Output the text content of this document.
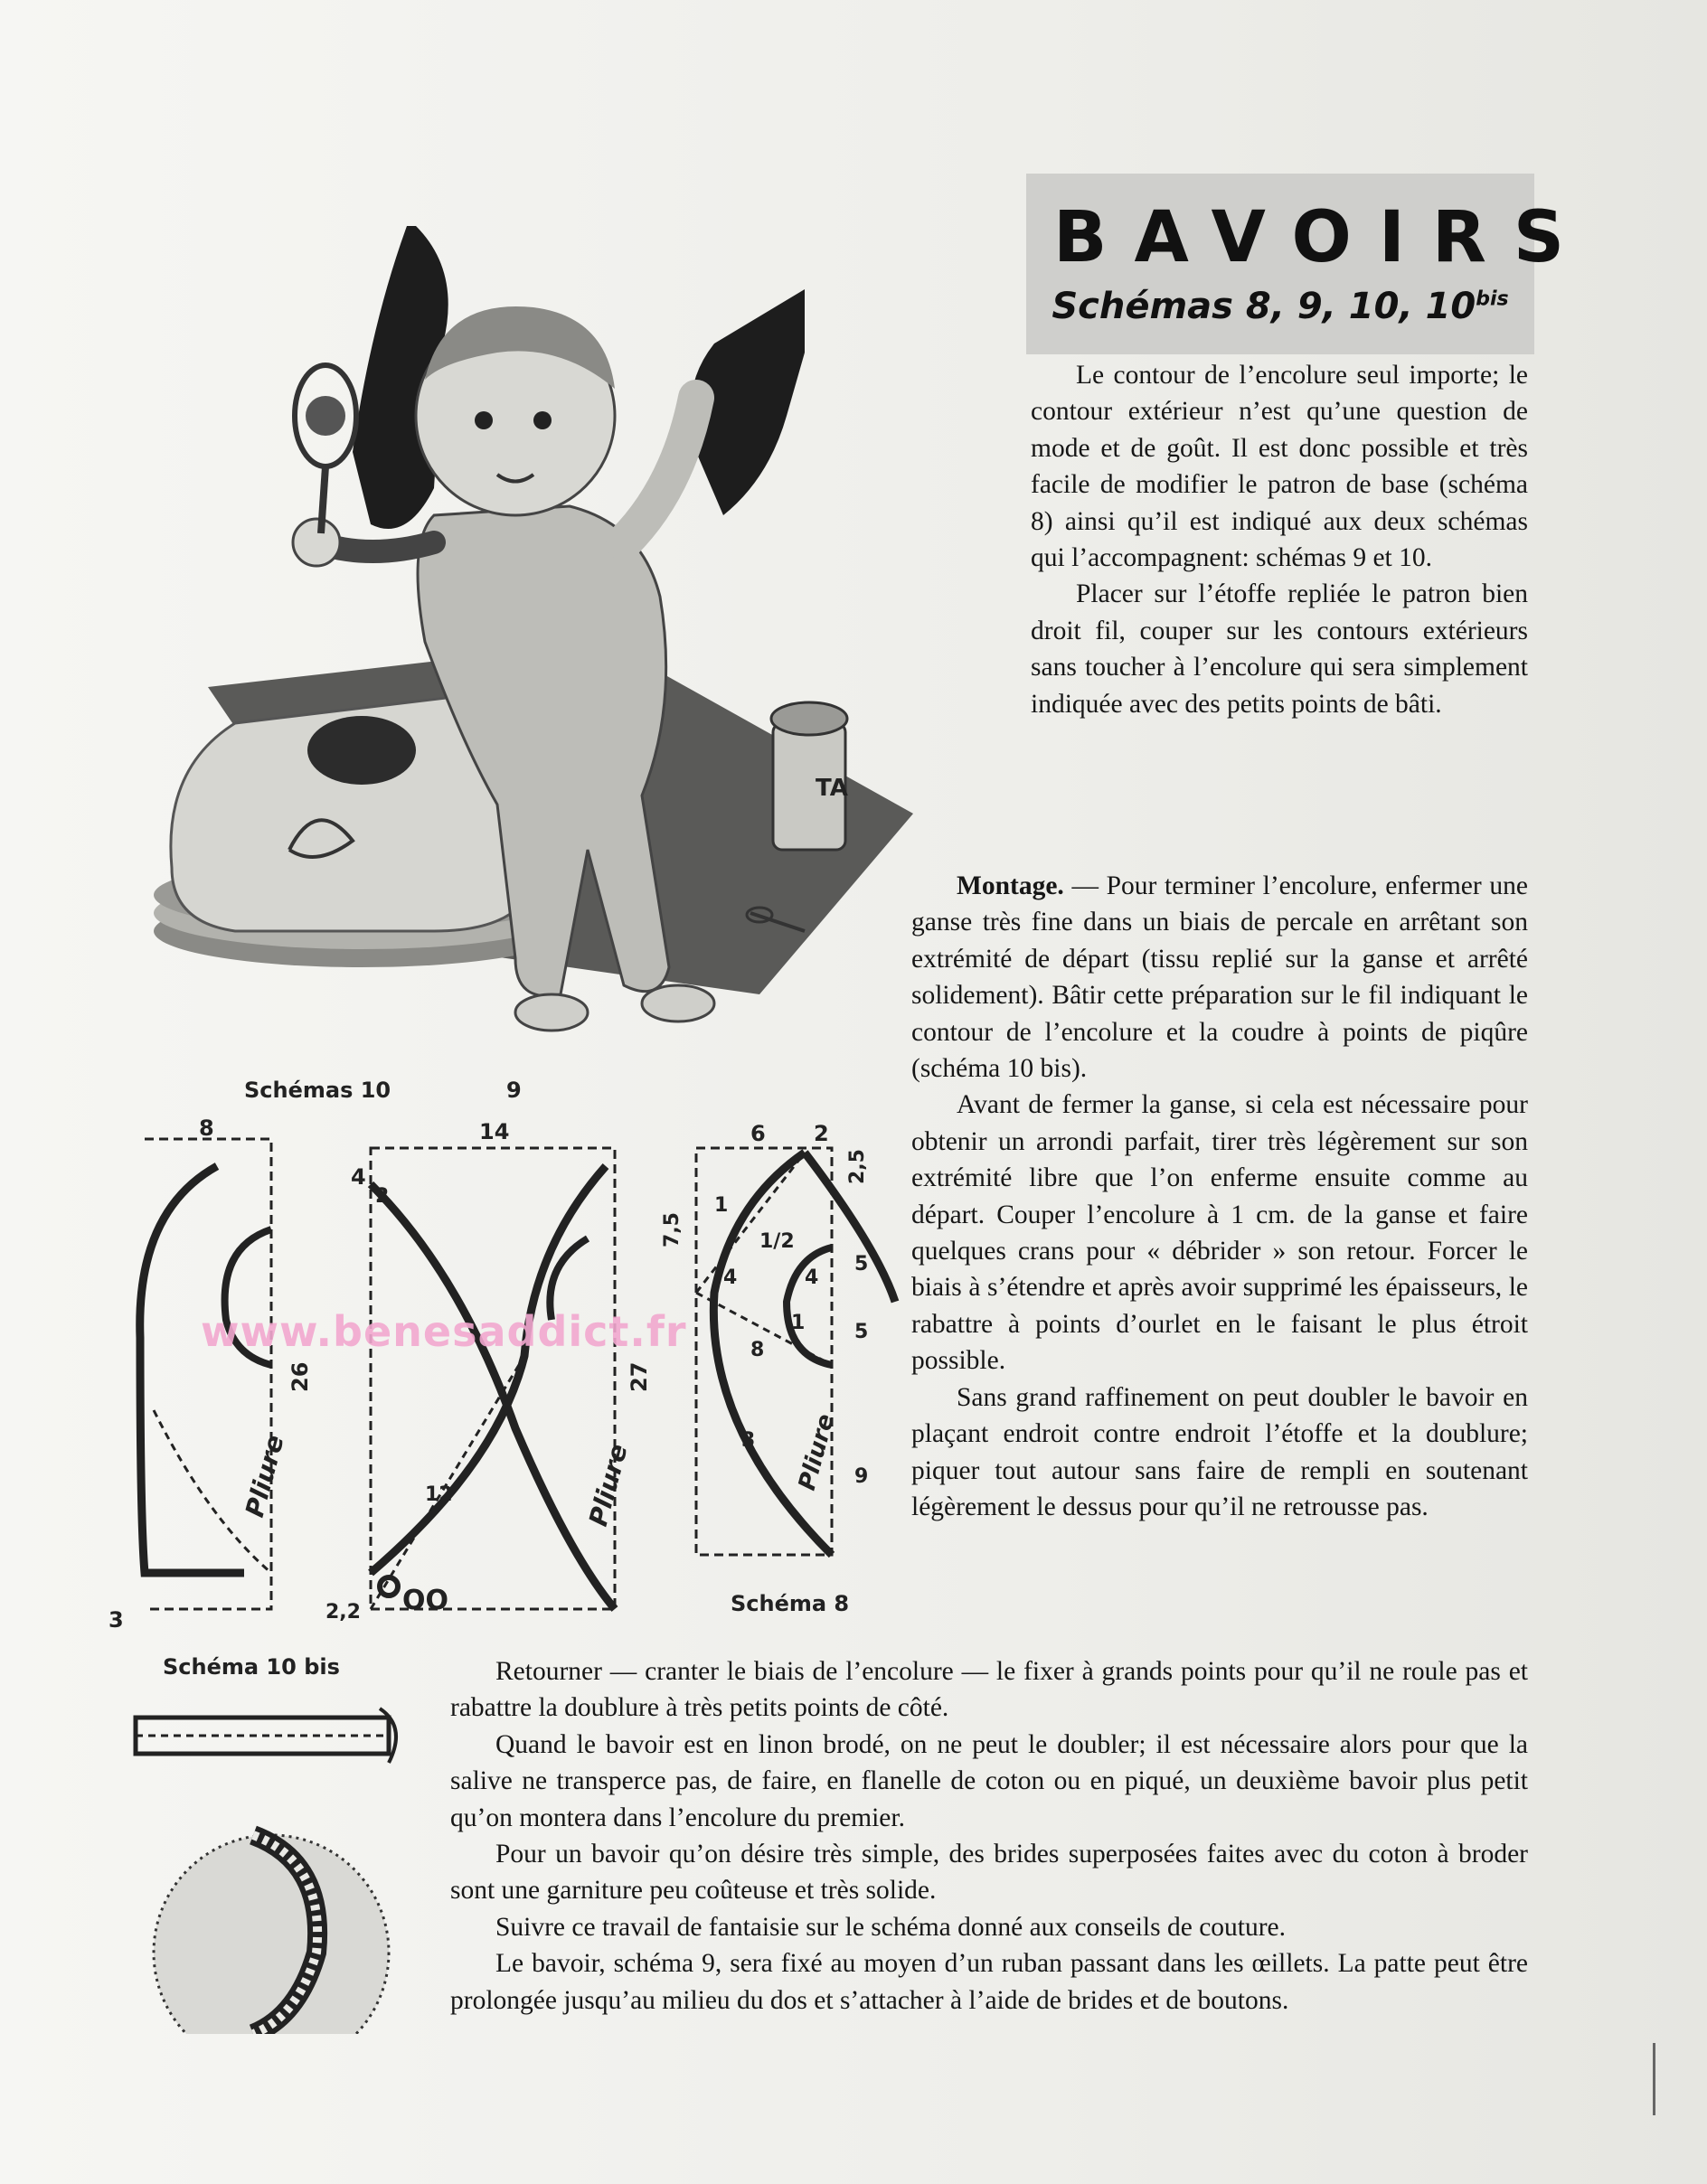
BAVOIRS
Schémas 8, 9, 10, $10^{bis}$
TA
Schémas 10	9
Schéma 8
8
26
3
Pliure
14
4
2
27
2,2 OO
12	Pliure
6 2
2,5
7,5
1
1/2
4	4
5
5
1
8
3
9
Pliure
Schéma 10 bis
www.benesaddict.fr

Le contour de l’encolure seul importe; le contour extérieur n’est qu’une question de mode et de goût. Il est donc possible et très facile de modifier le patron de base (schéma 8) ainsi qu’il est indiqué aux deux schémas qui l’accompagnent: schémas 9 et 10.

Placer sur l’étoffe repliée le patron bien droit fil, couper sur les contours extérieurs sans toucher à l’encolure qui sera simplement indiquée avec des petits points de bâti.

Montage. — Pour terminer l’encolure, enfermer une ganse très fine dans un biais de percale en arrêtant son extrémité de départ (tissu replié sur la ganse et arrêté solidement). Bâtir cette préparation sur le fil indiquant le contour de l’encolure et la coudre à points de piqûre (schéma 10 bis).

Avant de fermer la ganse, si cela est nécessaire pour obtenir un arrondi parfait, tirer très légèrement sur son extrémité libre que l’on enferme ensuite comme au départ. Couper l’encolure à 1 cm. de la ganse et faire quelques crans pour « débrider » son retour. Forcer le biais à s’étendre et après avoir supprimé les épaisseurs, le rabattre à points d’ourlet en le faisant le plus étroit possible.

Sans grand raffinement on peut doubler le bavoir en plaçant endroit contre endroit l’étoffe et la doublure; piquer tout autour sans faire de rempli en soutenant légèrement le dessus pour qu’il ne retrousse pas.

Retourner — cranter le biais de l’encolure — le fixer à grands points pour qu’il ne roule pas et rabattre la doublure à très petits points de côté.

Quand le bavoir est en linon brodé, on ne peut le doubler; il est nécessaire alors pour que la salive ne transperce pas, de faire, en flanelle de coton ou en piqué, un deuxième bavoir plus petit qu’on montera dans l’encolure du premier.

Pour un bavoir qu’on désire très simple, des brides superposées faites avec du coton à broder sont une garniture peu coûteuse et très solide.

Suivre ce travail de fantaisie sur le schéma donné aux conseils de couture.

Le bavoir, schéma 9, sera fixé au moyen d’un ruban passant dans les œillets. La patte peut être prolongée jusqu’au milieu du dos et s’attacher à l’aide de brides et de boutons.
